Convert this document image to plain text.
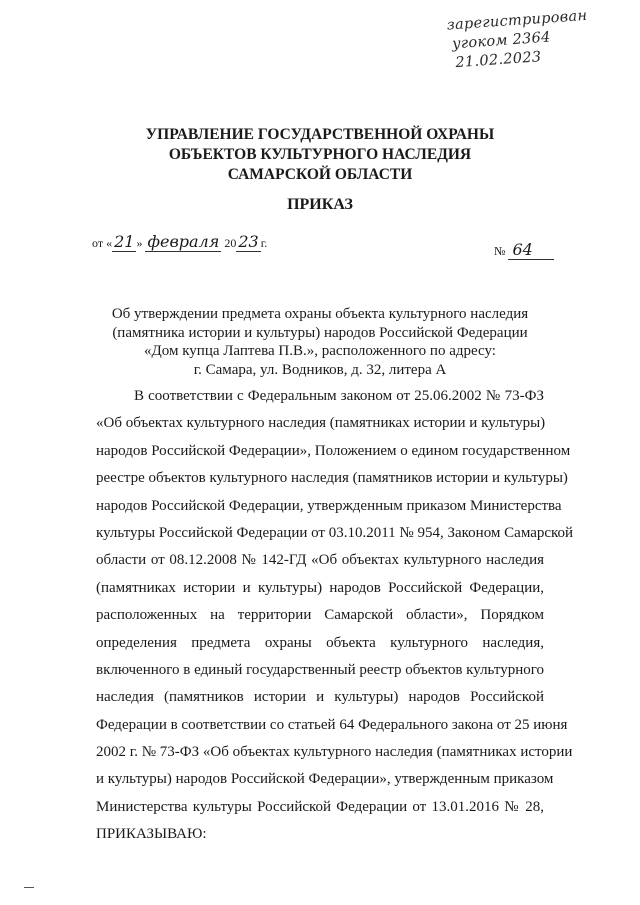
зарегистрирован
угоком 2364
21.02.2023
УПРАВЛЕНИЕ ГОСУДАРСТВЕННОЙ ОХРАНЫ
ОБЪЕКТОВ КУЛЬТУРНОГО НАСЛЕДИЯ
САМАРСКОЙ ОБЛАСТИ
ПРИКАЗ
от « 21 » февраля 20 23 г.
№ 64
Об утверждении предмета охраны объекта культурного наследия
(памятника истории и культуры) народов Российской Федерации
«Дом купца Лаптева П.В.», расположенного по адресу:
г. Самара, ул. Водников, д. 32, литера А
В соответствии с Федеральным законом от 25.06.2002 № 73-ФЗ
«Об объектах культурного наследия (памятниках истории и культуры)
народов Российской Федерации», Положением о едином государственном
реестре объектов культурного наследия (памятников истории и культуры)
народов Российской Федерации, утвержденным приказом Министерства
культуры Российской Федерации от 03.10.2011 № 954, Законом Самарской
области от 08.12.2008 № 142-ГД «Об объектах культурного наследия
(памятниках истории и культуры) народов Российской Федерации,
расположенных на территории Самарской области», Порядком
определения предмета охраны объекта культурного наследия,
включенного в единый государственный реестр объектов культурного
наследия (памятников истории и культуры) народов Российской
Федерации в соответствии со статьей 64 Федерального закона от 25 июня
2002 г. № 73-ФЗ «Об объектах культурного наследия (памятниках истории
и культуры) народов Российской Федерации», утвержденным приказом
Министерства культуры Российской Федерации от 13.01.2016 № 28,
ПРИКАЗЫВАЮ:
